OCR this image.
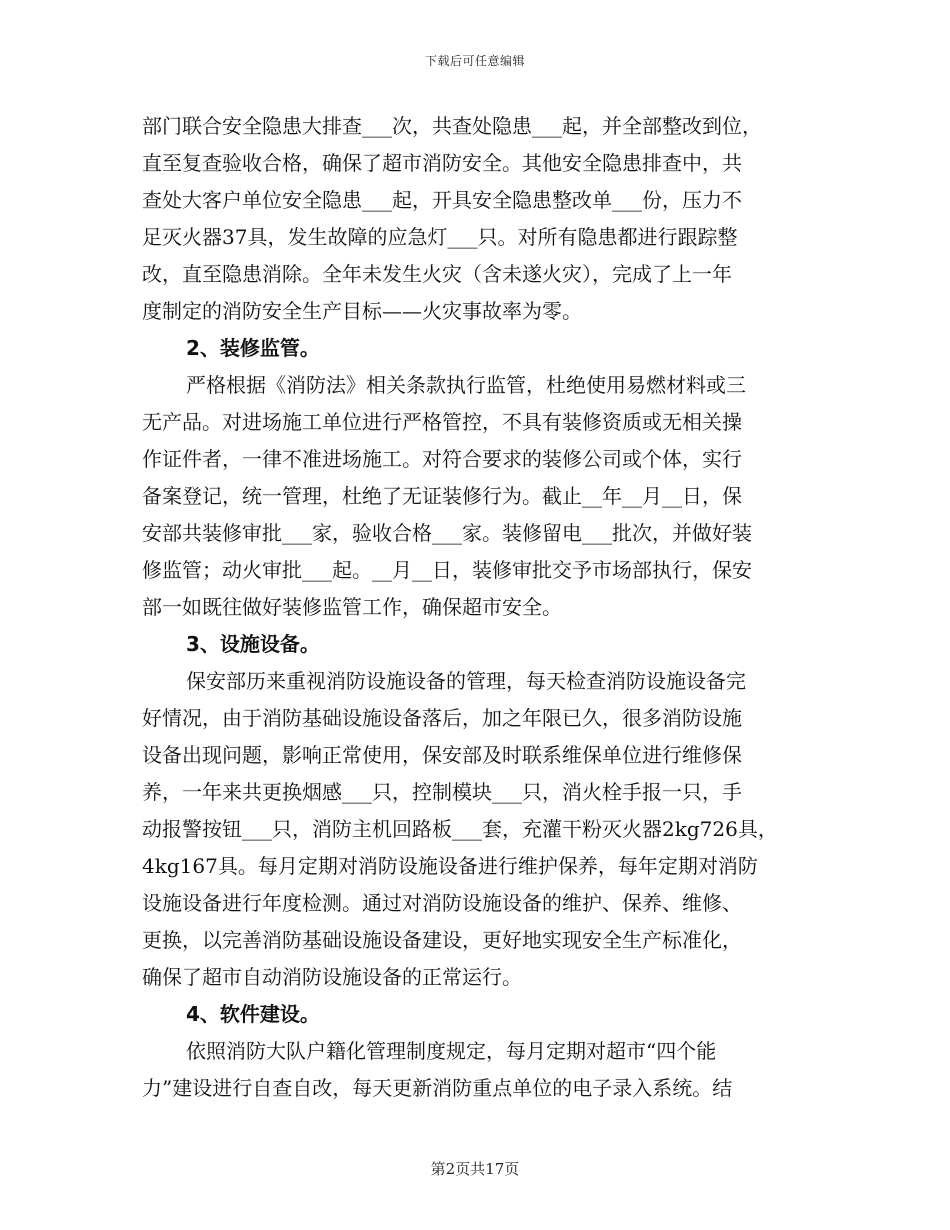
下载后可任意编辑
部门联合安全隐患大排查___次，共查处隐患___起，并全部整改到位，
直至复查验收合格，确保了超市消防安全。其他安全隐患排查中，共
查处大客户单位安全隐患___起，开具安全隐患整改单___份，压力不
足灭火器37具，发生故障的应急灯___只。对所有隐患都进行跟踪整
改，直至隐患消除。全年未发生火灾（含未遂火灾），完成了上一年
度制定的消防安全生产目标——火灾事故率为零。
2、装修监管。
严格根据《消防法》相关条款执行监管，杜绝使用易燃材料或三
无产品。对进场施工单位进行严格管控，不具有装修资质或无相关操
作证件者，一律不准进场施工。对符合要求的装修公司或个体，实行
备案登记，统一管理，杜绝了无证装修行为。截止__年__月__日，保
安部共装修审批___家，验收合格___家。装修留电___批次，并做好装
修监管；动火审批___起。__月__日，装修审批交予市场部执行，保安
部一如既往做好装修监管工作，确保超市安全。
3、设施设备。
保安部历来重视消防设施设备的管理，每天检查消防设施设备完
好情况，由于消防基础设施设备落后，加之年限已久，很多消防设施
设备出现问题，影响正常使用，保安部及时联系维保单位进行维修保
养，一年来共更换烟感___只，控制模块___只，消火栓手报一只，手
动报警按钮___只，消防主机回路板___套，充灌干粉灭火器2kg726具，
4kg167具。每月定期对消防设施设备进行维护保养，每年定期对消防
设施设备进行年度检测。通过对消防设施设备的维护、保养、维修、
更换，以完善消防基础设施设备建设，更好地实现安全生产标准化，
确保了超市自动消防设施设备的正常运行。
4、软件建设。
依照消防大队户籍化管理制度规定，每月定期对超市“四个能
力”建设进行自查自改，每天更新消防重点单位的电子录入系统。结
第2页共17页
